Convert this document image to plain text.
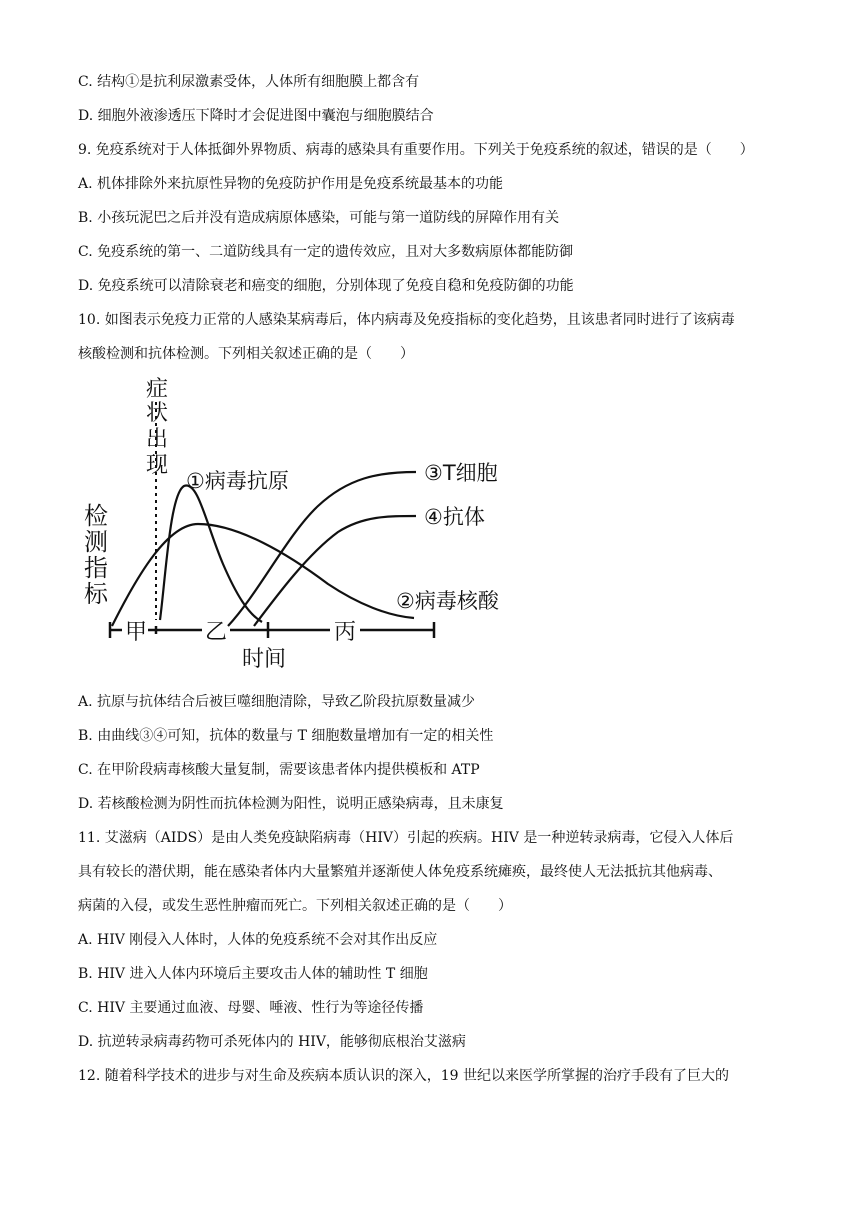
C. 结构①是抗利尿激素受体，人体所有细胞膜上都含有
D. 细胞外液渗透压下降时才会促进图中囊泡与细胞膜结合
9. 免疫系统对于人体抵御外界物质、病毒的感染具有重要作用。下列关于免疫系统的叙述，错误的是（　　）
A. 机体排除外来抗原性异物的免疫防护作用是免疫系统最基本的功能
B. 小孩玩泥巴之后并没有造成病原体感染，可能与第一道防线的屏障作用有关
C. 免疫系统的第一、二道防线具有一定的遗传效应，且对大多数病原体都能防御
D. 免疫系统可以清除衰老和癌变的细胞，分别体现了免疫自稳和免疫防御的功能
10. 如图表示免疫力正常的人感染某病毒后，体内病毒及免疫指标的变化趋势，且该患者同时进行了该病毒
核酸检测和抗体检测。下列相关叙述正确的是（　　）
症
状
出
现
检
测
指
标
甲	乙	丙
时间
①病毒抗原	③T细胞
④抗体
②病毒核酸
A. 抗原与抗体结合后被巨噬细胞清除，导致乙阶段抗原数量减少
B. 由曲线③④可知，抗体的数量与 T 细胞数量增加有一定的相关性
C. 在甲阶段病毒核酸大量复制，需要该患者体内提供模板和 ATP
D. 若核酸检测为阴性而抗体检测为阳性，说明正感染病毒，且未康复
11. 艾滋病（AIDS）是由人类免疫缺陷病毒（HIV）引起的疾病。HIV 是一种逆转录病毒，它侵入人体后
具有较长的潜伏期，能在感染者体内大量繁殖并逐渐使人体免疫系统瘫痪，最终使人无法抵抗其他病毒、
病菌的入侵，或发生恶性肿瘤而死亡。下列相关叙述正确的是（　　）
A. HIV 刚侵入人体时，人体的免疫系统不会对其作出反应
B. HIV 进入人体内环境后主要攻击人体的辅助性 T 细胞
C. HIV 主要通过血液、母婴、唾液、性行为等途径传播
D. 抗逆转录病毒药物可杀死体内的 HIV，能够彻底根治艾滋病
12. 随着科学技术的进步与对生命及疾病本质认识的深入，19 世纪以来医学所掌握的治疗手段有了巨大的
